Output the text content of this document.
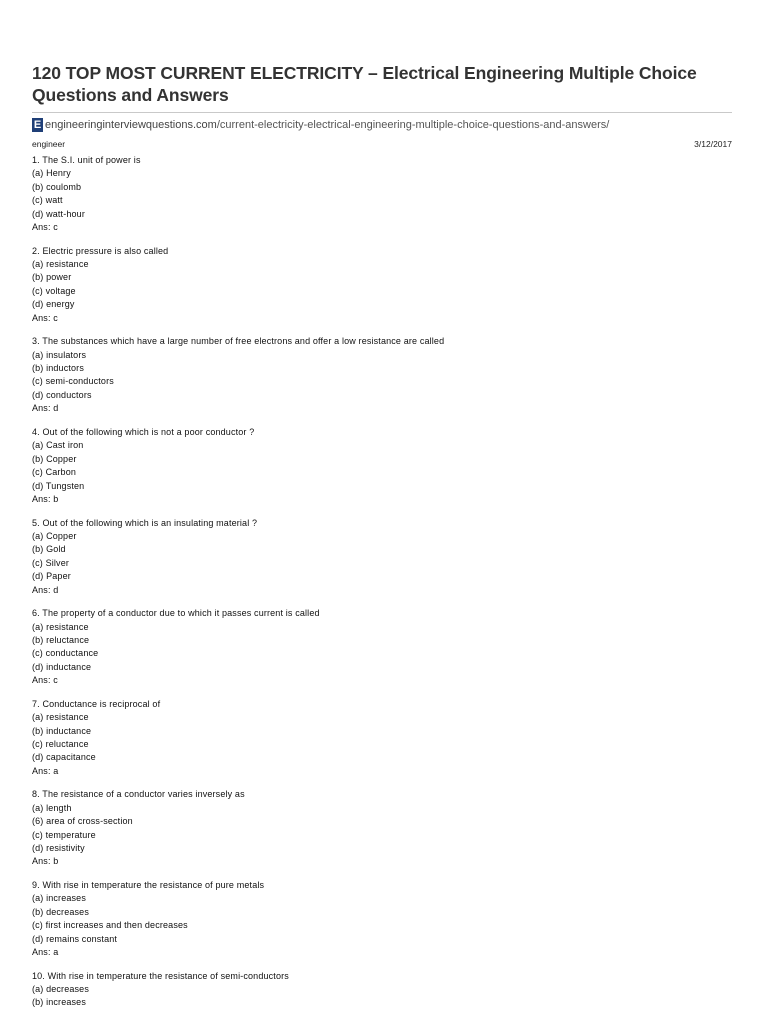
120 TOP MOST CURRENT ELECTRICITY – Electrical Engineering Multiple Choice Questions and Answers
E engineeringinterviewquestions.com/current-electricity-electrical-engineering-multiple-choice-questions-and-answers/
engineer	3/12/2017
1. The S.I. unit of power is
(a) Henry
(b) coulomb
(c) watt
(d) watt-hour
Ans: c
2. Electric pressure is also called
(a) resistance
(b) power
(c) voltage
(d) energy
Ans: c
3. The substances which have a large number of free electrons and offer a low resistance are called
(a) insulators
(b) inductors
(c) semi-conductors
(d) conductors
Ans: d
4. Out of the following which is not a poor conductor ?
(a) Cast iron
(b) Copper
(c) Carbon
(d) Tungsten
Ans: b
5. Out of the following which is an insulating material ?
(a) Copper
(b) Gold
(c) Silver
(d) Paper
Ans: d
6. The property of a conductor due to which it passes current is called
(a) resistance
(b) reluctance
(c) conductance
(d) inductance
Ans: c
7. Conductance is reciprocal of
(a) resistance
(b) inductance
(c) reluctance
(d) capacitance
Ans: a
8. The resistance of a conductor varies inversely as
(a) length
(6) area of cross-section
(c) temperature
(d) resistivity
Ans: b
9. With rise in temperature the resistance of pure metals
(a) increases
(b) decreases
(c) first increases and then decreases
(d) remains constant
Ans: a
10. With rise in temperature the resistance of semi-conductors
(a) decreases
(b) increases
